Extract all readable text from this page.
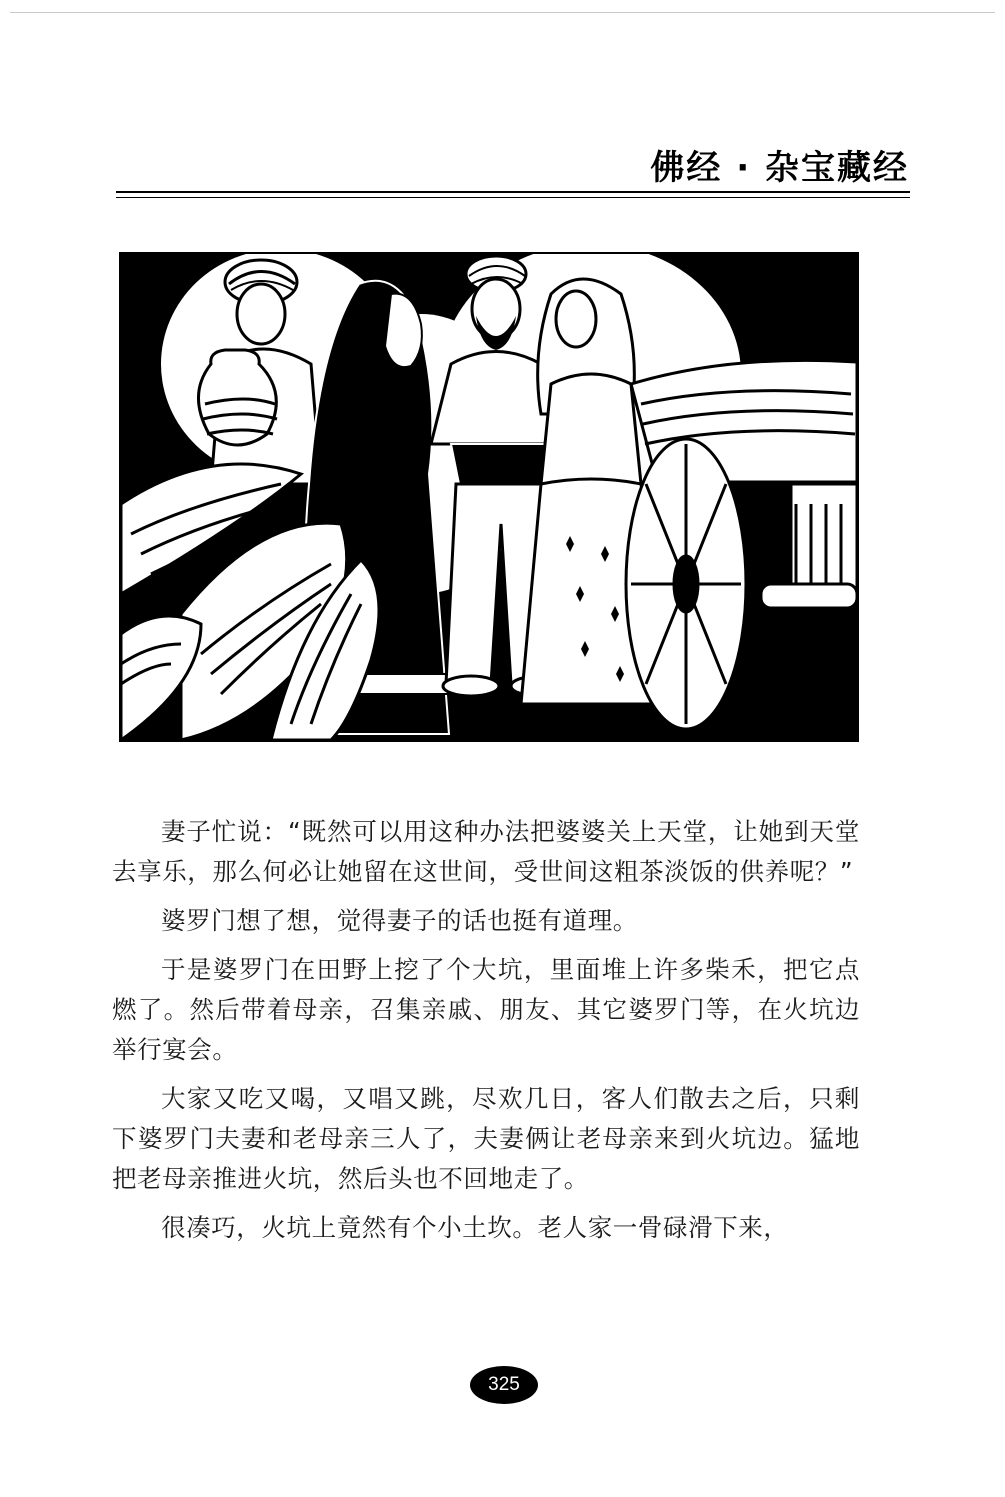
佛经 · 杂宝藏经

妻子忙说：“既然可以用这种办法把婆婆关上天堂，让她到天堂去享乐，那么何必让她留在这世间，受世间这粗茶淡饭的供养呢？”

婆罗门想了想，觉得妻子的话也挺有道理。

于是婆罗门在田野上挖了个大坑，里面堆上许多柴禾，把它点燃了。然后带着母亲，召集亲戚、朋友、其它婆罗门等，在火坑边举行宴会。

大家又吃又喝，又唱又跳，尽欢几日，客人们散去之后，只剩下婆罗门夫妻和老母亲三人了，夫妻俩让老母亲来到火坑边。猛地把老母亲推进火坑，然后头也不回地走了。

很凑巧，火坑上竟然有个小土坎。老人家一骨碌滑下来，

325
